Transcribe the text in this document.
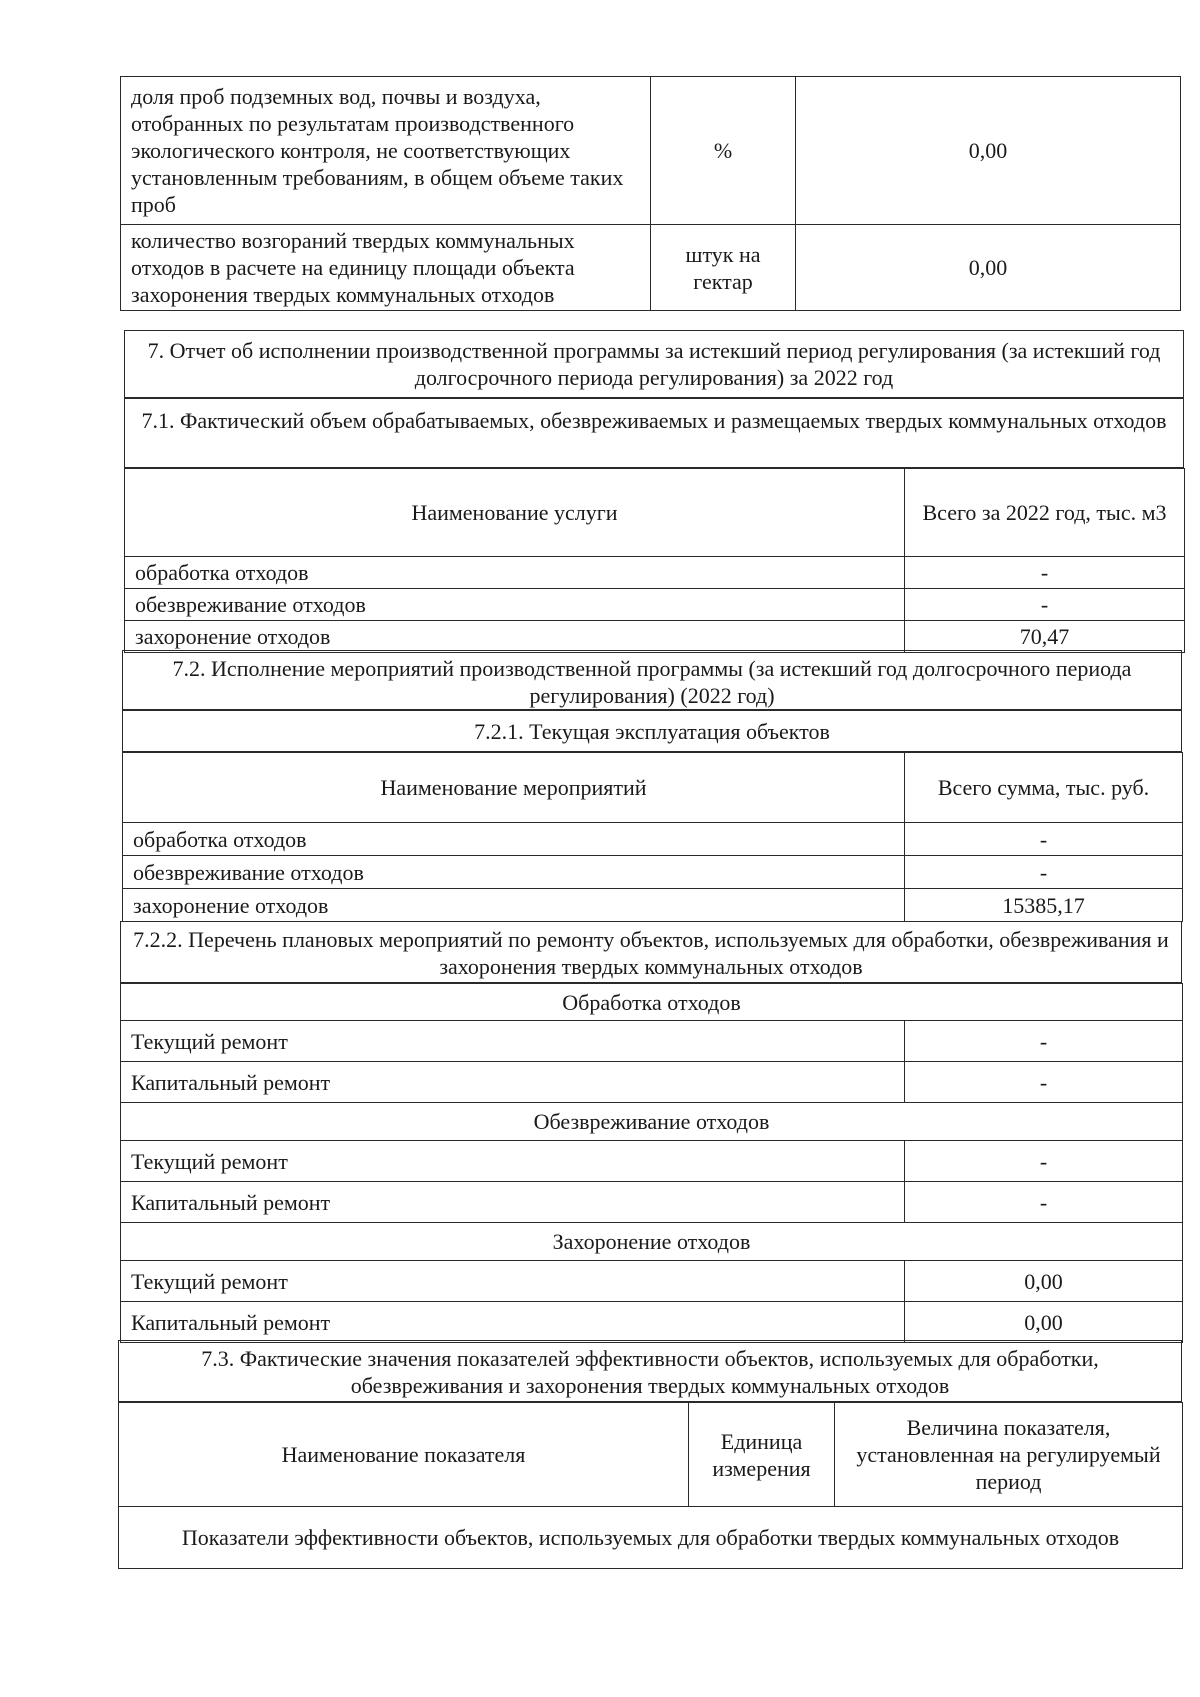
доля проб подземных вод, почвы и воздуха, отобранных по результатам производственного экологического контроля, не соответствующих установленным требованиям, в общем объеме таких проб	%	0,00
количество возгораний твердых коммунальных отходов в расчете на единицу площади объекта захоронения твердых коммунальных отходов	штук на гектар	0,00
7. Отчет об исполнении производственной программы за истекший период регулирования (за истекший год долгосрочного периода регулирования) за 2022 год
7.1. Фактический объем обрабатываемых, обезвреживаемых и размещаемых твердых коммунальных отходов
Наименование услуги	Всего за 2022 год, тыс. м3
обработка отходов	-
обезвреживание отходов	-
захоронение отходов	70,47
7.2. Исполнение мероприятий производственной программы (за истекший год долгосрочного периода регулирования) (2022 год)
7.2.1. Текущая эксплуатация объектов
Наименование мероприятий	Всего сумма, тыс. руб.
обработка отходов	-
обезвреживание отходов	-
захоронение отходов	15385,17
7.2.2. Перечень плановых мероприятий по ремонту объектов, используемых для обработки, обезвреживания и захоронения твердых коммунальных отходов
Обработка отходов	
Текущий ремонт	-
Капитальный ремонт	-
Обезвреживание отходов	
Текущий ремонт	-
Капитальный ремонт	-
Захоронение отходов	
Текущий ремонт	0,00
Капитальный ремонт	0,00
7.3. Фактические значения показателей эффективности объектов, используемых для обработки, обезвреживания и захоронения твердых коммунальных отходов
Наименование показателя	Единица измерения	Величина показателя, установленная на регулируемый период
Показатели эффективности объектов, используемых для обработки твердых коммунальных отходов
